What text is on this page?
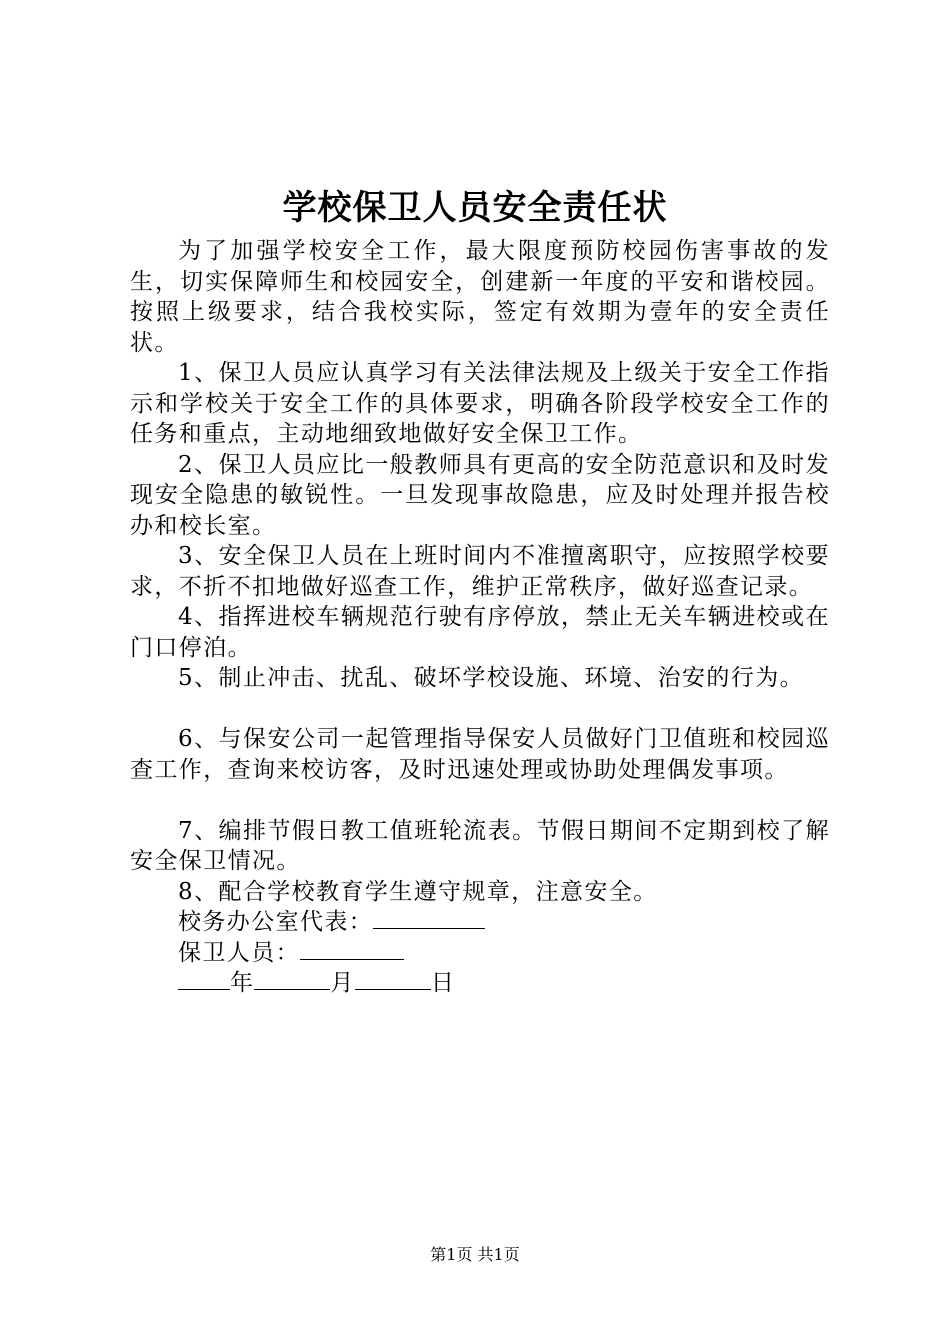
学校保卫人员安全责任状

为了加强学校安全工作，最大限度预防校园伤害事故的发生，切实保障师生和校园安全，创建新一年度的平安和谐校园。按照上级要求，结合我校实际，签定有效期为壹年的安全责任状。

1、保卫人员应认真学习有关法律法规及上级关于安全工作指示和学校关于安全工作的具体要求，明确各阶段学校安全工作的任务和重点，主动地细致地做好安全保卫工作。

2、保卫人员应比一般教师具有更高的安全防范意识和及时发现安全隐患的敏锐性。一旦发现事故隐患，应及时处理并报告校办和校长室。

3、安全保卫人员在上班时间内不准擅离职守，应按照学校要求，不折不扣地做好巡查工作，维护正常秩序，做好巡查记录。

4、指挥进校车辆规范行驶有序停放，禁止无关车辆进校或在门口停泊。

5、制止冲击、扰乱、破坏学校设施、环境、治安的行为。

6、与保安公司一起管理指导保安人员做好门卫值班和校园巡查工作，查询来校访客，及时迅速处理或协助处理偶发事项。

7、编排节假日教工值班轮流表。节假日期间不定期到校了解安全保卫情况。

8、配合学校教育学生遵守规章，注意安全。

校务办公室代表：

保卫人员：

年	月	日

第1页 共1页
